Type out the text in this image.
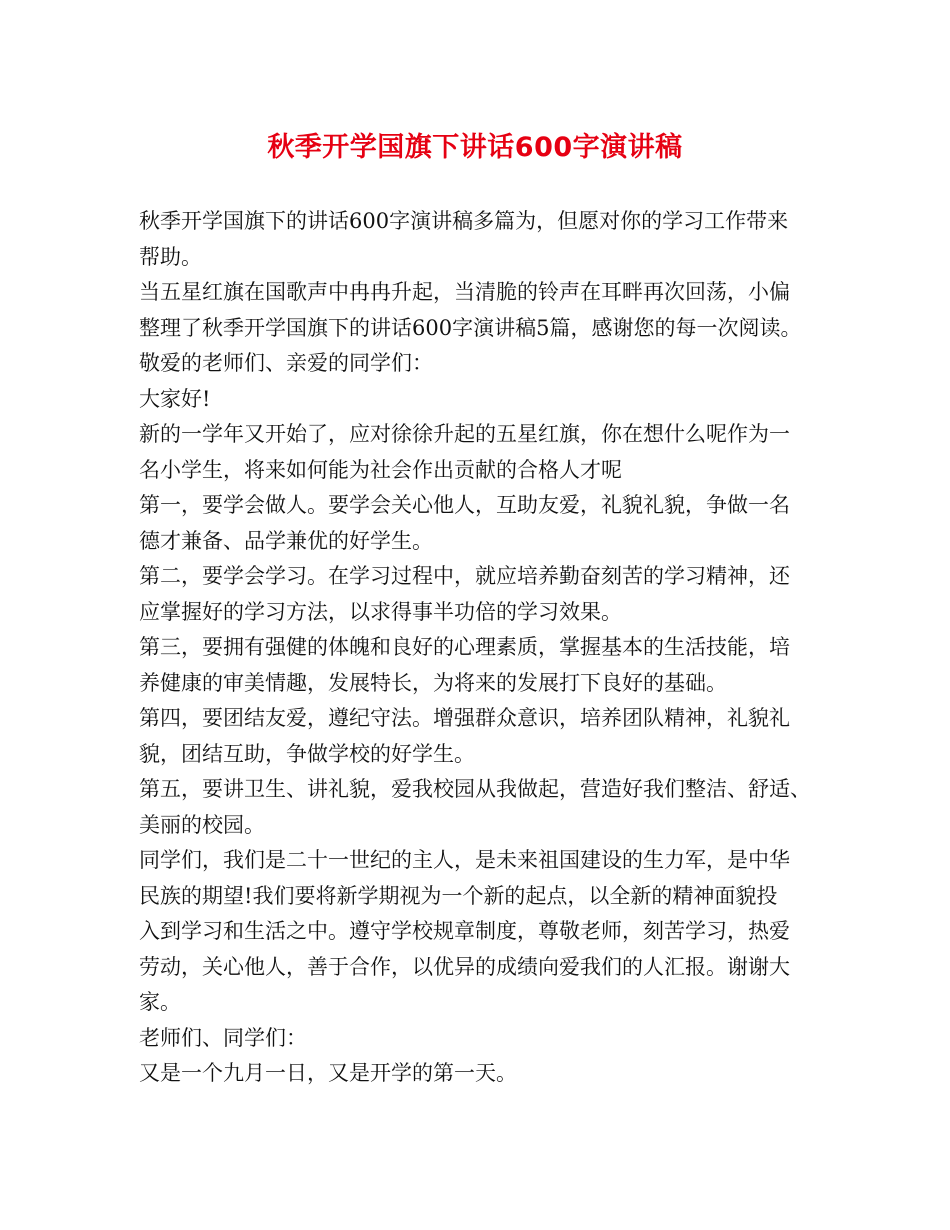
秋季开学国旗下讲话600字演讲稿
秋季开学国旗下的讲话600字演讲稿多篇为，但愿对你的学习工作带来
帮助。
当五星红旗在国歌声中冉冉升起，当清脆的铃声在耳畔再次回荡，小偏
整理了秋季开学国旗下的讲话600字演讲稿5篇，感谢您的每一次阅读。
敬爱的老师们、亲爱的同学们：
大家好!
新的一学年又开始了，应对徐徐升起的五星红旗，你在想什么呢作为一
名小学生，将来如何能为社会作出贡献的合格人才呢
第一，要学会做人。要学会关心他人，互助友爱，礼貌礼貌，争做一名
德才兼备、品学兼优的好学生。
第二，要学会学习。在学习过程中，就应培养勤奋刻苦的学习精神，还
应掌握好的学习方法，以求得事半功倍的学习效果。
第三，要拥有强健的体魄和良好的心理素质，掌握基本的生活技能，培
养健康的审美情趣，发展特长，为将来的发展打下良好的基础。
第四，要团结友爱，遵纪守法。增强群众意识，培养团队精神，礼貌礼
貌，团结互助，争做学校的好学生。
第五，要讲卫生、讲礼貌，爱我校园从我做起，营造好我们整洁、舒适、
美丽的校园。
同学们，我们是二十一世纪的主人，是未来祖国建设的生力军，是中华
民族的期望!我们要将新学期视为一个新的起点，以全新的精神面貌投
入到学习和生活之中。遵守学校规章制度，尊敬老师，刻苦学习，热爱
劳动，关心他人，善于合作，以优异的成绩向爱我们的人汇报。谢谢大
家。
老师们、同学们：
又是一个九月一日，又是开学的第一天。
